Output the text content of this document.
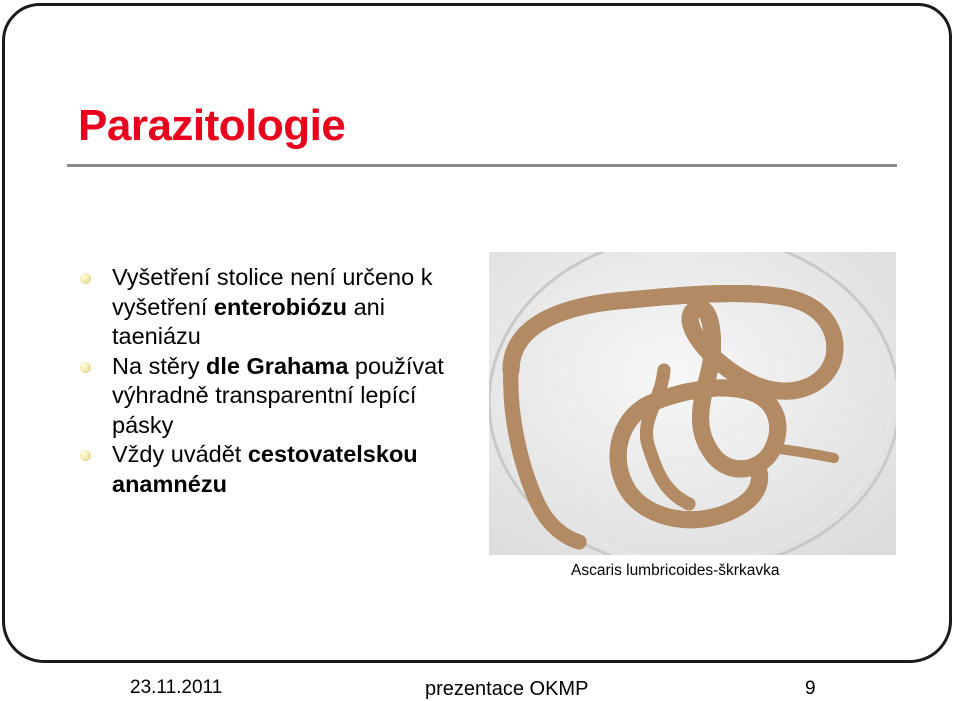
Parazitologie
Vyšetření stolice není určeno k vyšetření enterobiózu ani taeniázu
Na stěry dle Grahama používat výhradně transparentní lepící pásky
Vždy uvádět cestovatelskou anamnézu
Ascaris lumbricoides-škrkavka
23.11.2011	prezentace OKMP	9
